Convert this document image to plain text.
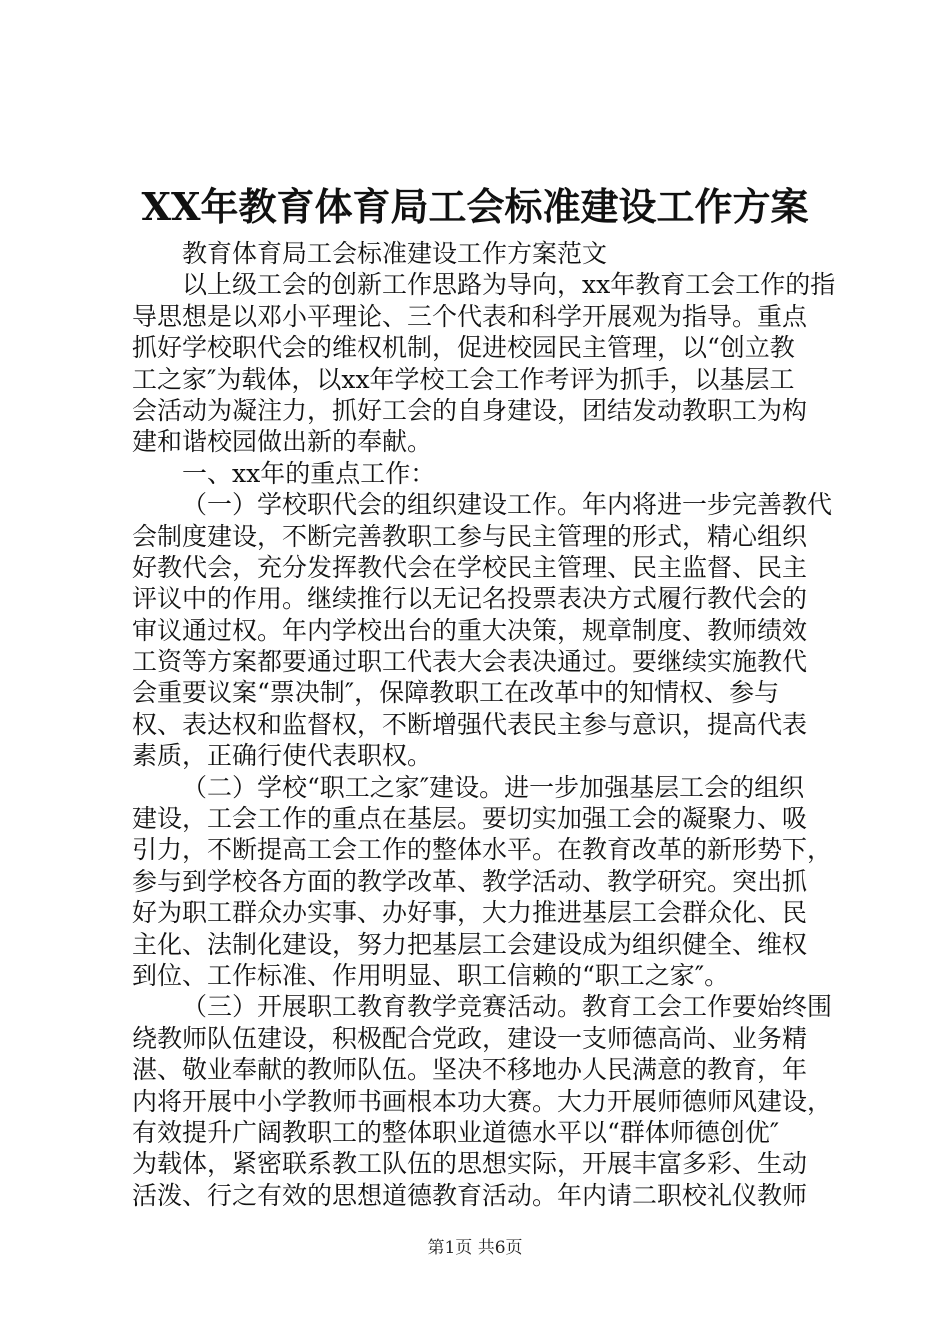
XX年教育体育局工会标准建设工作方案
教育体育局工会标准建设工作方案范文
以上级工会的创新工作思路为导向，xx年教育工会工作的指
导思想是以邓小平理论、三个代表和科学开展观为指导。重点
抓好学校职代会的维权机制，促进校园民主管理，以“创立教
工之家″为载体，以xx年学校工会工作考评为抓手，以基层工
会活动为凝注力，抓好工会的自身建设，团结发动教职工为构
建和谐校园做出新的奉献。
一、xx年的重点工作：
（一）学校职代会的组织建设工作。年内将进一步完善教代
会制度建设，不断完善教职工参与民主管理的形式，精心组织
好教代会，充分发挥教代会在学校民主管理、民主监督、民主
评议中的作用。继续推行以无记名投票表决方式履行教代会的
审议通过权。年内学校出台的重大决策，规章制度、教师绩效
工资等方案都要通过职工代表大会表决通过。要继续实施教代
会重要议案“票决制″，保障教职工在改革中的知情权、参与
权、表达权和监督权，不断增强代表民主参与意识，提高代表
素质，正确行使代表职权。
（二）学校“职工之家″建设。进一步加强基层工会的组织
建设，工会工作的重点在基层。要切实加强工会的凝聚力、吸
引力，不断提高工会工作的整体水平。在教育改革的新形势下，
参与到学校各方面的教学改革、教学活动、教学研究。突出抓
好为职工群众办实事、办好事，大力推进基层工会群众化、民
主化、法制化建设，努力把基层工会建设成为组织健全、维权
到位、工作标准、作用明显、职工信赖的“职工之家″。
（三）开展职工教育教学竞赛活动。教育工会工作要始终围
绕教师队伍建设，积极配合党政，建设一支师德高尚、业务精
湛、敬业奉献的教师队伍。坚决不移地办人民满意的教育，年
内将开展中小学教师书画根本功大赛。大力开展师德师风建设，
有效提升广阔教职工的整体职业道德水平以“群体师德创优″
为载体，紧密联系教工队伍的思想实际，开展丰富多彩、生动
活泼、行之有效的思想道德教育活动。年内请二职校礼仪教师
第1页 共6页
